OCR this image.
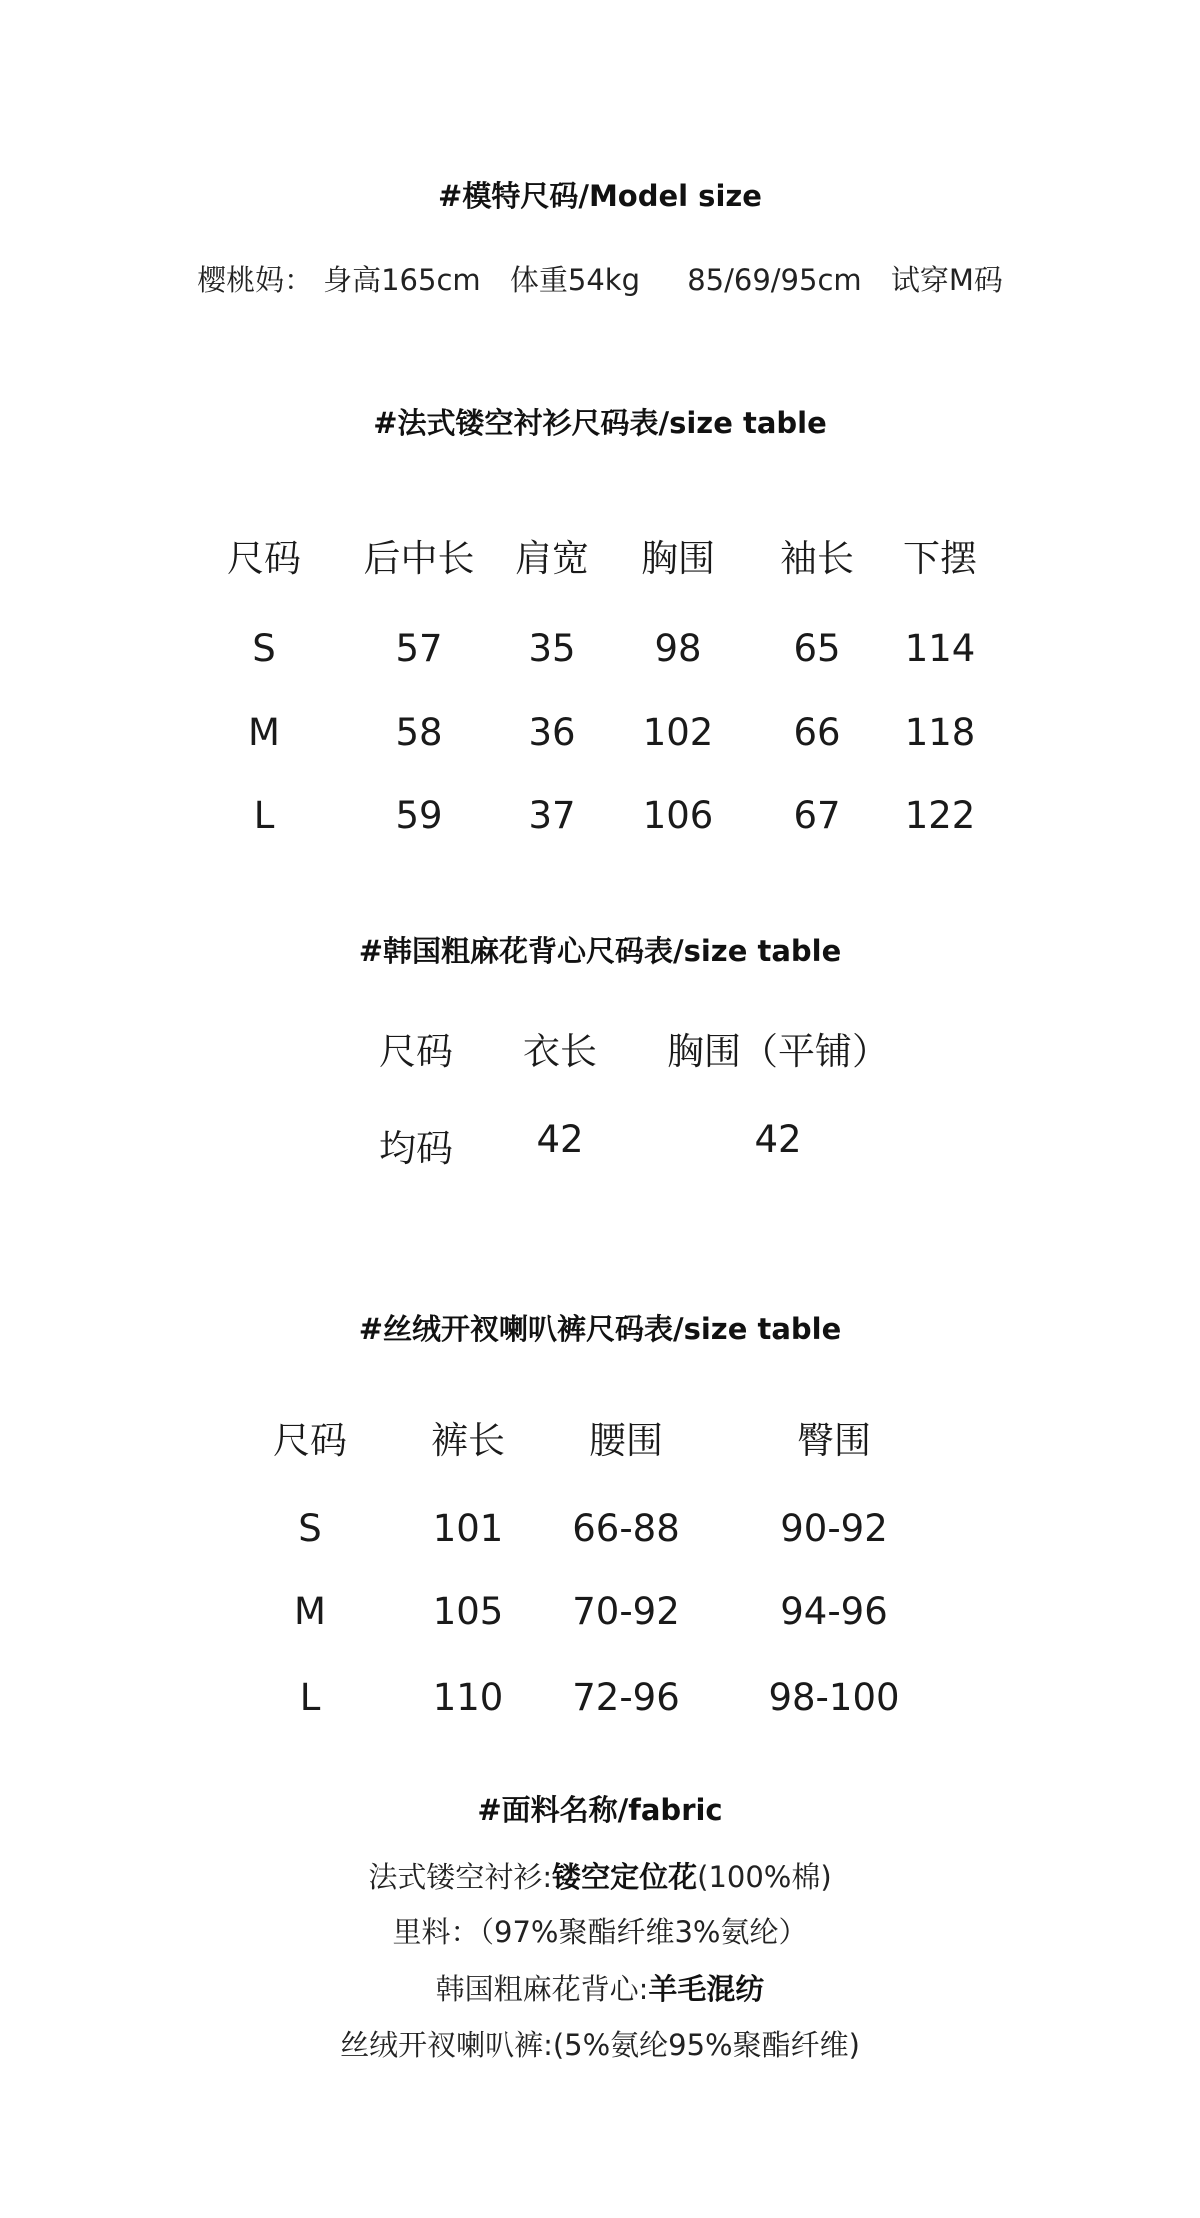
#模特尺码/Model size
樱桃妈： 身高165cm 体重54kg 85/69/95cm 试穿M码
#法式镂空衬衫尺码表/size table
尺码 后中长 肩宽 胸围 袖长 下摆
S	57 35 98 65 114
M	58 36 102 66 118
L	59 37 106 67 122
#韩国粗麻花背心尺码表/size table
尺码 衣长 胸围（平铺）
均码 42	42
#丝绒开衩喇叭裤尺码表/size table
尺码 裤长 腰围	臀围
S	101 66-88	90-92
M	105 70-92	94-96
L	110 72-96 98-100
#面料名称/fabric
法式镂空衬衫:镂空定位花(100%棉)
里料：（97%聚酯纤维3%氨纶）
韩国粗麻花背心:羊毛混纺
丝绒开衩喇叭裤:(5%氨纶95%聚酯纤维)
